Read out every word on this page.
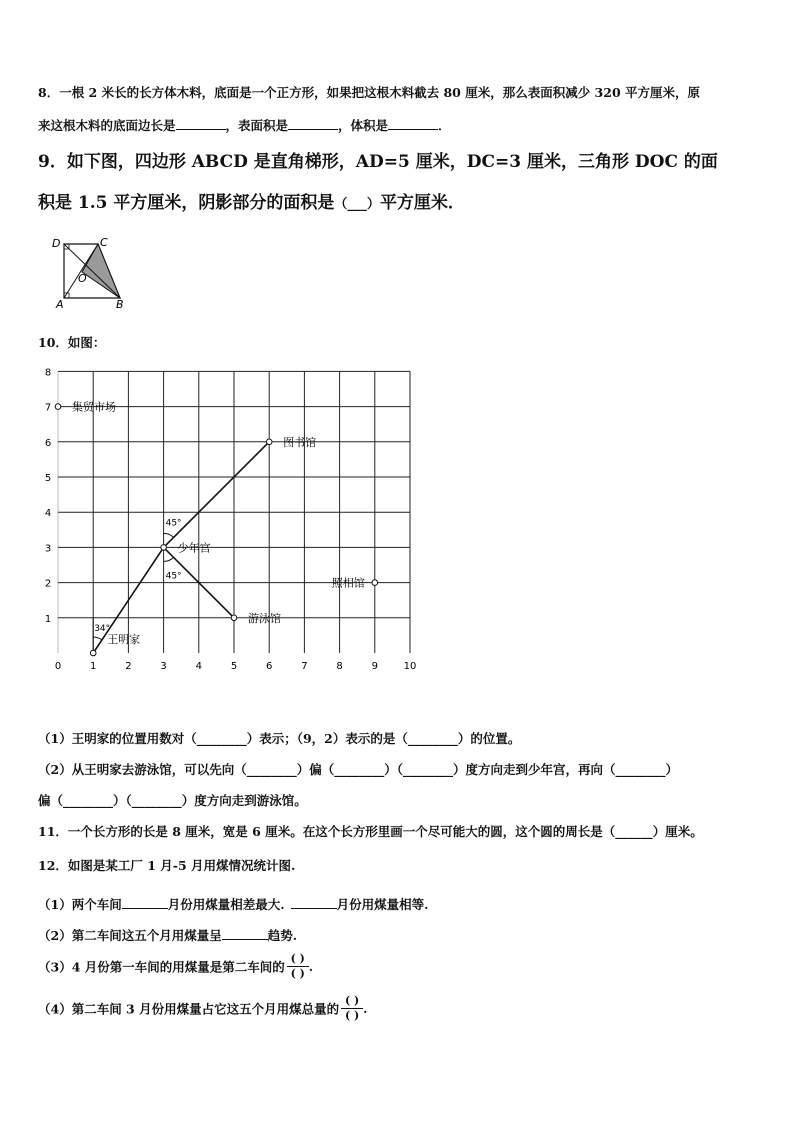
8．一根 2 米长的长方体木料，底面是一个正方形，如果把这根木料截去 80 厘米，那么表面积减少 320 平方厘米，原
来这根木料的底面边长是	，表面积是	，体积是	．
9．如下图，四边形 ABCD 是直角梯形，AD=5 厘米，DC=3 厘米，三角形 DOC 的面
积是 1.5 平方厘米，阴影部分的面积是（___）平方厘米．
D	C
O
A	B
10．如图：
0	1	2	3	4	5	6	7	8	9	10
1
2
3
4
5
6
7
8
45°
45°
34°
集贸市场
图书馆
少年宫
照相馆
游泳馆
王明家
（1）王明家的位置用数对（________）表示；（9，2）表示的是（________）的位置。
（2）从王明家去游泳馆，可以先向（________）偏（________）（________）度方向走到少年宫，再向（________）
偏（________）（________）度方向走到游泳馆。
11．一个长方形的长是 8 厘米，宽是 6 厘米。在这个长方形里画一个尽可能大的圆，这个圆的周长是（______）厘米。
12．如图是某工厂 1 月-5 月用煤情况统计图.
（1）两个车间	月份用煤量相差最大.	月份用煤量相等.
（2）第二车间这五个月用煤量呈	趋势.
（3）4 月份第一车间的用煤量是第二车间的 $\frac{( )}{( )}$ .
（4）第二车间 3 月份用煤量占它这五个月用煤总量的 $\frac{( )}{( )}$ .
